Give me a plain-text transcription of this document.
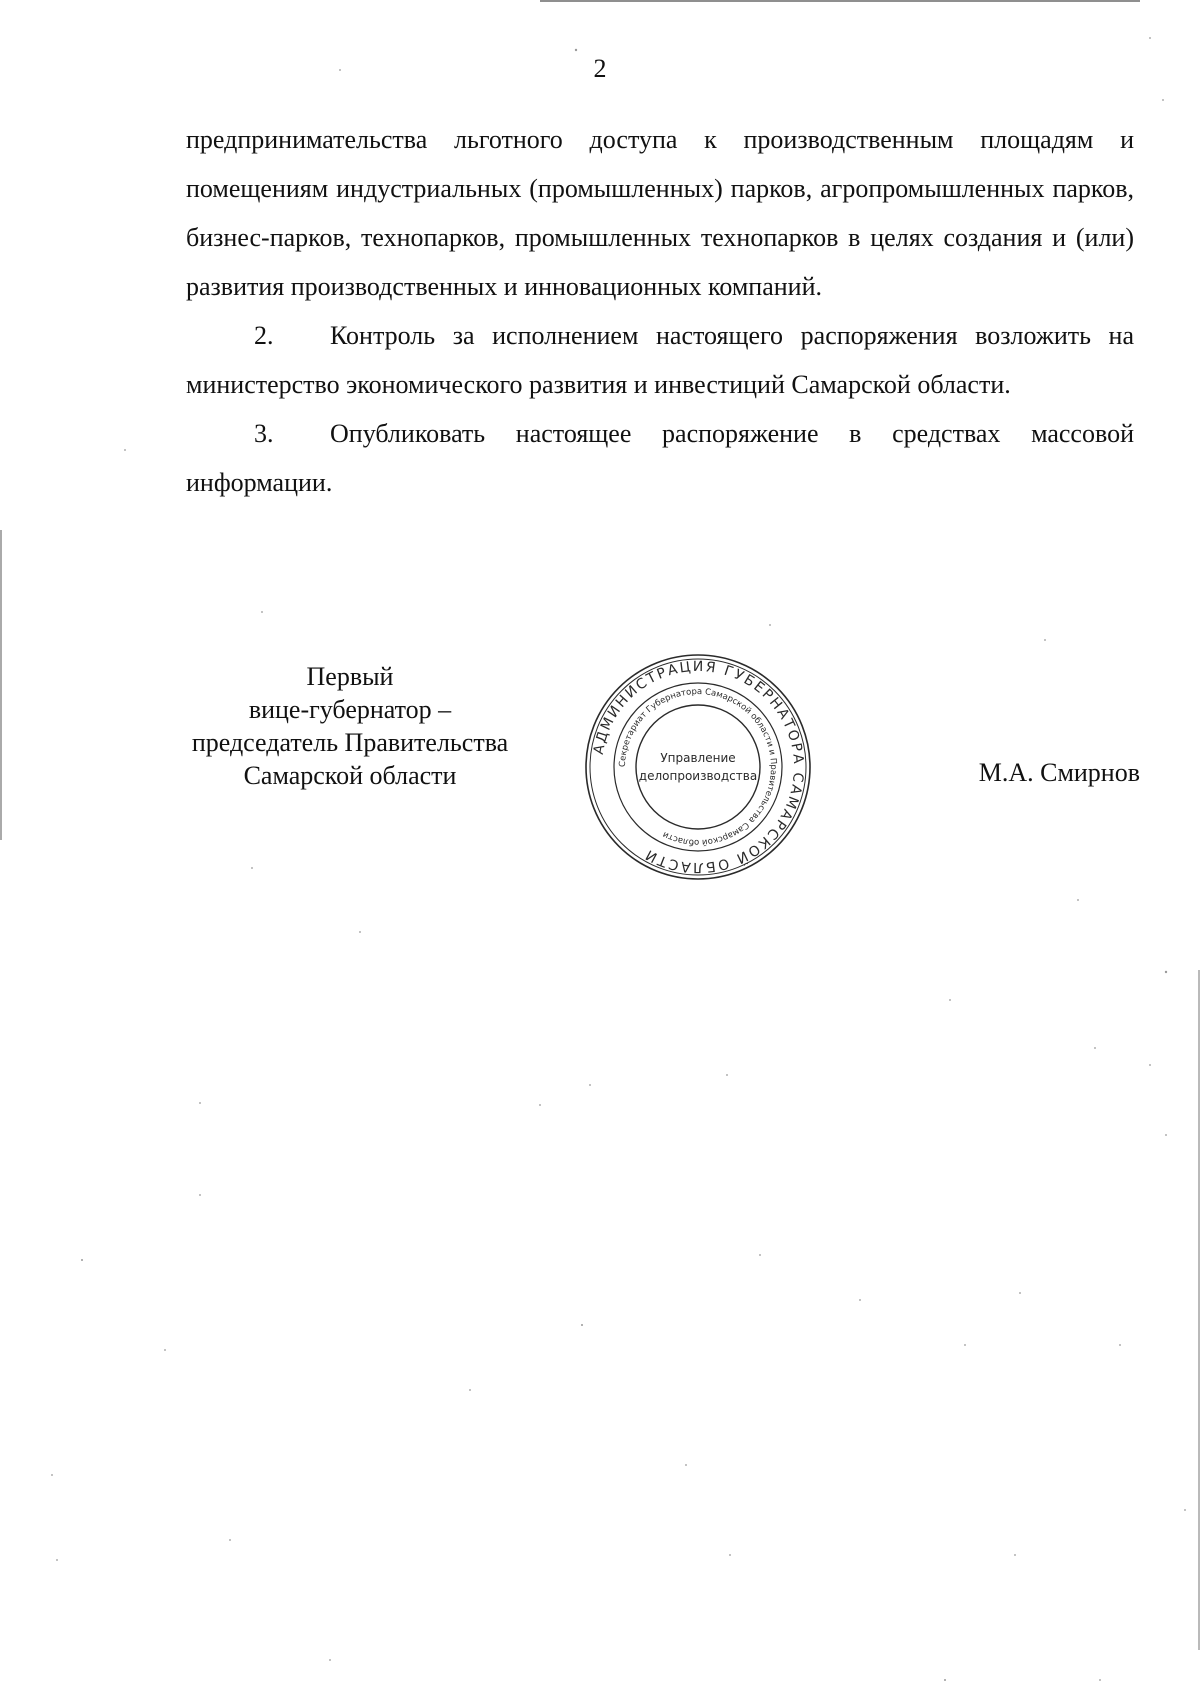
2

предпринимательства льготного доступа к производственным площадям и помещениям индустриальных (промышленных) парков, агропромышленных парков, бизнес-парков, технопарков, промышленных технопарков в целях создания и (или) развития производственных и инновационных компаний.

2. Контроль за исполнением настоящего распоряжения возложить на министерство экономического развития и инвестиций Самарской области.

3. Опубликовать настоящее распоряжение в средствах массовой информации.

Первый
вице-губернатор –
председатель Правительства
Самарской области
АДМИНИСТРАЦИЯ ГУБЕРНАТОРА САМАРСКОЙ ОБЛАСТИ
Секретариат Губернатора Самарской области и Правительства Самарской области
Управление
делопроизводства	М.А. Смирнов
